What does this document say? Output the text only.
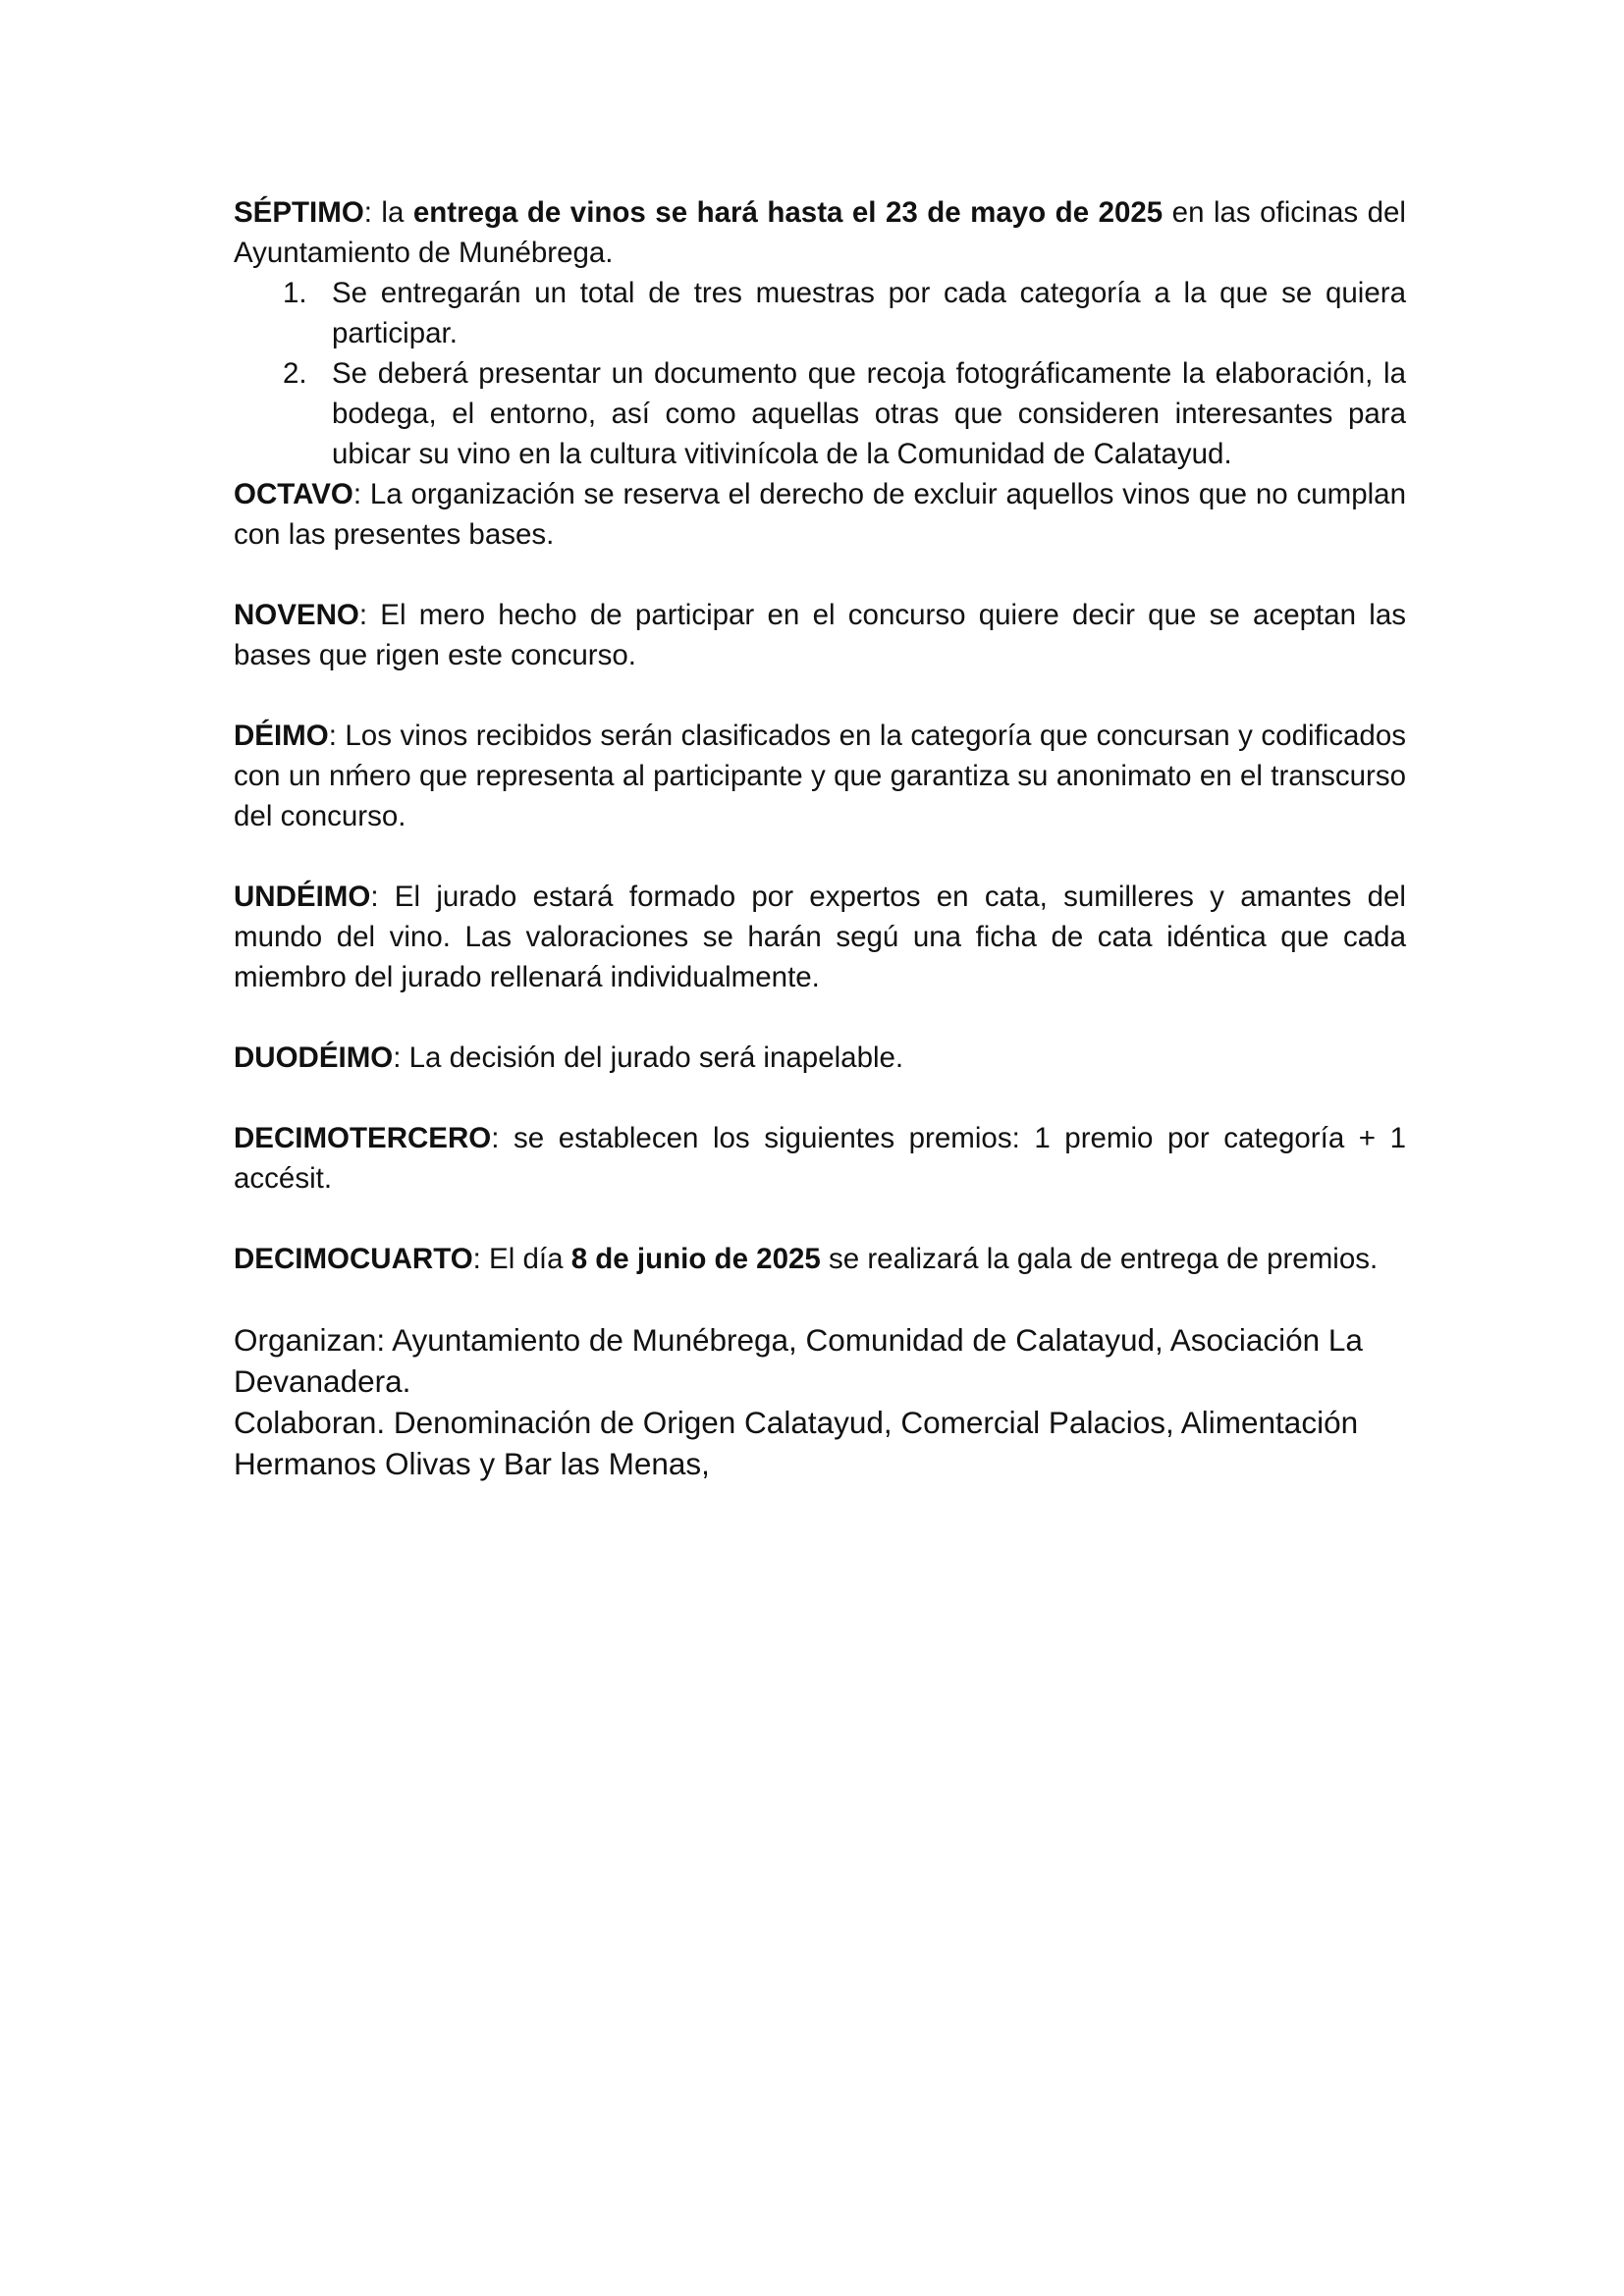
SÉPTIMO: la entrega de vinos se hará hasta el 23 de mayo de 2025 en las oficinas del Ayuntamiento de Munébrega.

1. Se entregarán un total de tres muestras por cada categoría a la que se quiera participar.
2. Se deberá presentar un documento que recoja fotográficamente la elaboración, la bodega, el entorno, así como aquellas otras que consideren interesantes para ubicar su vino en la cultura vitivinícola de la Comunidad de Calatayud.

OCTAVO: La organización se reserva el derecho de excluir aquellos vinos que no cumplan con las presentes bases.

NOVENO: El mero hecho de participar en el concurso quiere decir que se aceptan las bases que rigen este concurso.

DÉIMO: Los vinos recibidos serán clasificados en la categoría que concursan y codificados con un nḿero que representa al participante y que garantiza su anonimato en el transcurso del concurso.

UNDÉIMO: El jurado estará formado por expertos en cata, sumilleres y amantes del mundo del vino. Las valoraciones se harán segú una ficha de cata idéntica que cada miembro del jurado rellenará individualmente.

DUODÉIMO: La decisión del jurado será inapelable.

DECIMOTERCERO: se establecen los siguientes premios: 1 premio por categoría + 1 accésit.

DECIMOCUARTO: El día 8 de junio de 2025 se realizará la gala de entrega de premios.

Organizan: Ayuntamiento de Munébrega, Comunidad de Calatayud, Asociación La Devanadera.

Colaboran. Denominación de Origen Calatayud, Comercial Palacios, Alimentación Hermanos Olivas y Bar las Menas,
